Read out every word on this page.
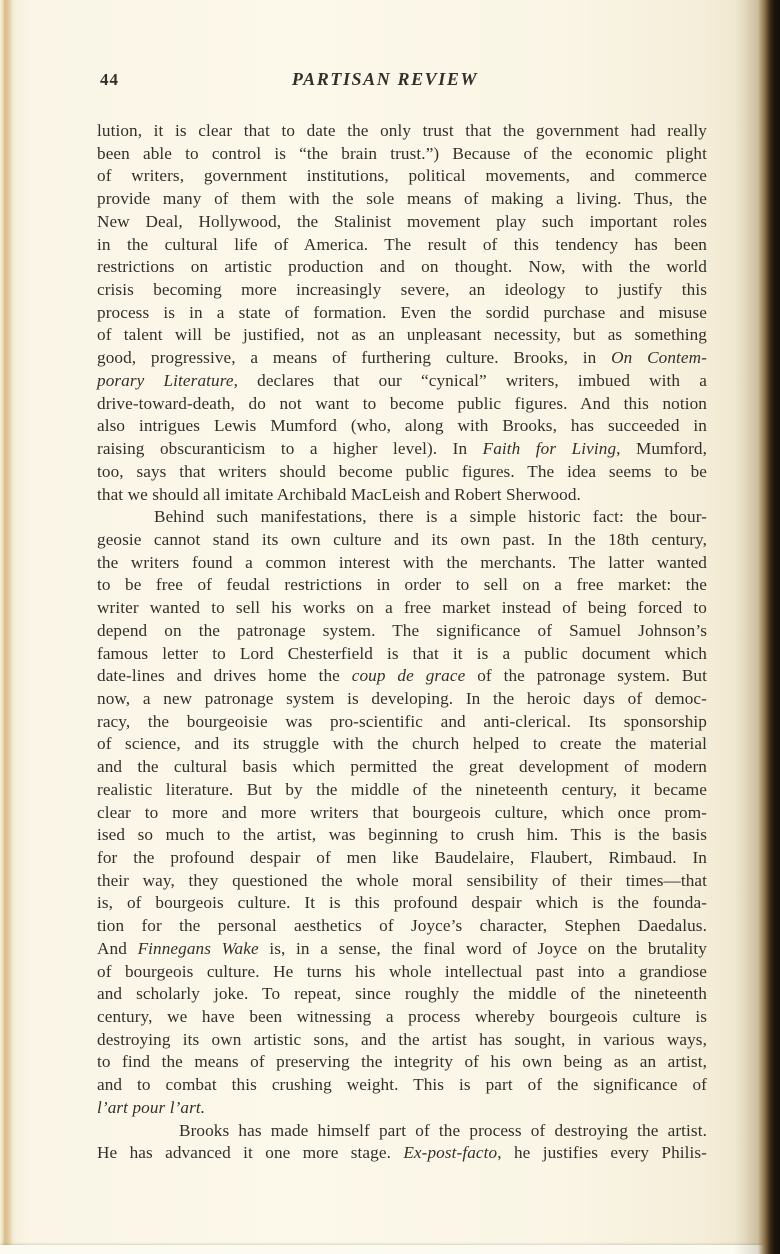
44	PARTISAN REVIEW
lution, it is clear that to date the only trust that the government had really
been able to control is “the brain trust.”) Because of the economic plight
of writers, government institutions, political movements, and commerce
provide many of them with the sole means of making a living. Thus, the
New Deal, Hollywood, the Stalinist movement play such important roles
in the cultural life of America. The result of this tendency has been
restrictions on artistic production and on thought. Now, with the world
crisis becoming more increasingly severe, an ideology to justify this
process is in a state of formation. Even the sordid purchase and misuse
of talent will be justified, not as an unpleasant necessity, but as something
good, progressive, a means of furthering culture. Brooks, in On Contem-
porary Literature, declares that our “cynical” writers, imbued with a
drive-toward-death, do not want to become public figures. And this notion
also intrigues Lewis Mumford (who, along with Brooks, has succeeded in
raising obscuranticism to a higher level). In Faith for Living, Mumford,
too, says that writers should become public figures. The idea seems to be
that we should all imitate Archibald MacLeish and Robert Sherwood.
Behind such manifestations, there is a simple historic fact: the bour-
geosie cannot stand its own culture and its own past. In the 18th century,
the writers found a common interest with the merchants. The latter wanted
to be free of feudal restrictions in order to sell on a free market: the
writer wanted to sell his works on a free market instead of being forced to
depend on the patronage system. The significance of Samuel Johnson’s
famous letter to Lord Chesterfield is that it is a public document which
date-lines and drives home the coup de grace of the patronage system. But
now, a new patronage system is developing. In the heroic days of democ-
racy, the bourgeoisie was pro-scientific and anti-clerical. Its sponsorship
of science, and its struggle with the church helped to create the material
and the cultural basis which permitted the great development of modern
realistic literature. But by the middle of the nineteenth century, it became
clear to more and more writers that bourgeois culture, which once prom-
ised so much to the artist, was beginning to crush him. This is the basis
for the profound despair of men like Baudelaire, Flaubert, Rimbaud. In
their way, they questioned the whole moral sensibility of their times—that
is, of bourgeois culture. It is this profound despair which is the founda-
tion for the personal aesthetics of Joyce’s character, Stephen Daedalus.
And Finnegans Wake is, in a sense, the final word of Joyce on the brutality
of bourgeois culture. He turns his whole intellectual past into a grandiose
and scholarly joke. To repeat, since roughly the middle of the nineteenth
century, we have been witnessing a process whereby bourgeois culture is
destroying its own artistic sons, and the artist has sought, in various ways,
to find the means of preserving the integrity of his own being as an artist,
and to combat this crushing weight. This is part of the significance of
l’art pour l’art.
Brooks has made himself part of the process of destroying the artist.
He has advanced it one more stage. Ex-post-facto, he justifies every Philis-
